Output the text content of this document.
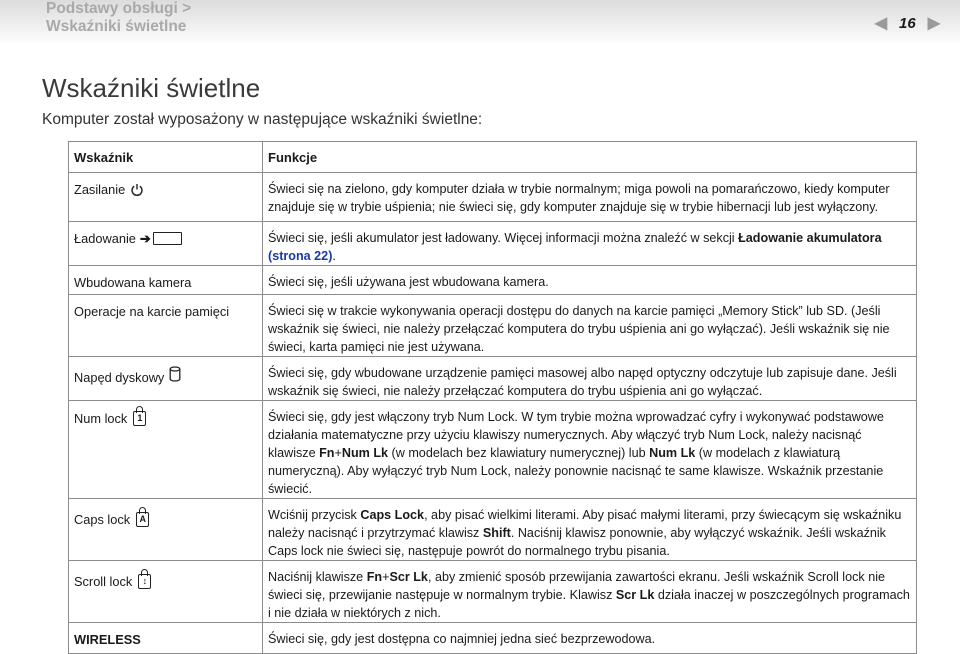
Podstawy obsługi >
Wskaźniki świetlne	◀ 16 ▶
Wskaźniki świetlne

Komputer został wyposażony w następujące wskaźniki świetlne:

Wskaźnik	Funkcje

Zasilanie	Świeci się na zielono, gdy komputer działa w trybie normalnym; miga powoli na pomarańczowo, kiedy komputer znajduje się w trybie uśpienia; nie świeci się, gdy komputer znajduje się w trybie hibernacji lub jest wyłączony.

Ładowanie ➔	Świeci się, jeśli akumulator jest ładowany. Więcej informacji można znaleźć w sekcji Ładowanie akumulatora (strona 22).

Wbudowana kamera	Świeci się, jeśli używana jest wbudowana kamera.

Operacje na karcie pamięci	Świeci się w trakcie wykonywania operacji dostępu do danych na karcie pamięci „Memory Stick” lub SD. (Jeśli wskaźnik się świeci, nie należy przełączać komputera do trybu uśpienia ani go wyłączać). Jeśli wskaźnik się nie świeci, karta pamięci nie jest używana.

Napęd dyskowy	Świeci się, gdy wbudowane urządzenie pamięci masowej albo napęd optyczny odczytuje lub zapisuje dane. Jeśli wskaźnik się świeci, nie należy przełączać komputera do trybu uśpienia ani go wyłączać.

Num lock 1	Świeci się, gdy jest włączony tryb Num Lock. W tym trybie można wprowadzać cyfry i wykonywać podstawowe działania matematyczne przy użyciu klawiszy numerycznych. Aby włączyć tryb Num Lock, należy nacisnąć klawisze Fn+Num Lk (w modelach bez klawiatury numerycznej) lub Num Lk (w modelach z klawiaturą numeryczną). Aby wyłączyć tryb Num Lock, należy ponownie nacisnąć te same klawisze. Wskaźnik przestanie świecić.

Caps lock A	Wciśnij przycisk Caps Lock, aby pisać wielkimi literami. Aby pisać małymi literami, przy świecącym się wskaźniku należy nacisnąć i przytrzymać klawisz Shift. Naciśnij klawisz ponownie, aby wyłączyć wskaźnik. Jeśli wskaźnik Caps lock nie świeci się, następuje powrót do normalnego trybu pisania.

Scroll lock ↕	Naciśnij klawisze Fn+Scr Lk, aby zmienić sposób przewijania zawartości ekranu. Jeśli wskaźnik Scroll lock nie świeci się, przewijanie następuje w normalnym trybie. Klawisz Scr Lk działa inaczej w poszczególnych programach i nie działa w niektórych z nich.

WIRELESS	Świeci się, gdy jest dostępna co najmniej jedna sieć bezprzewodowa.
